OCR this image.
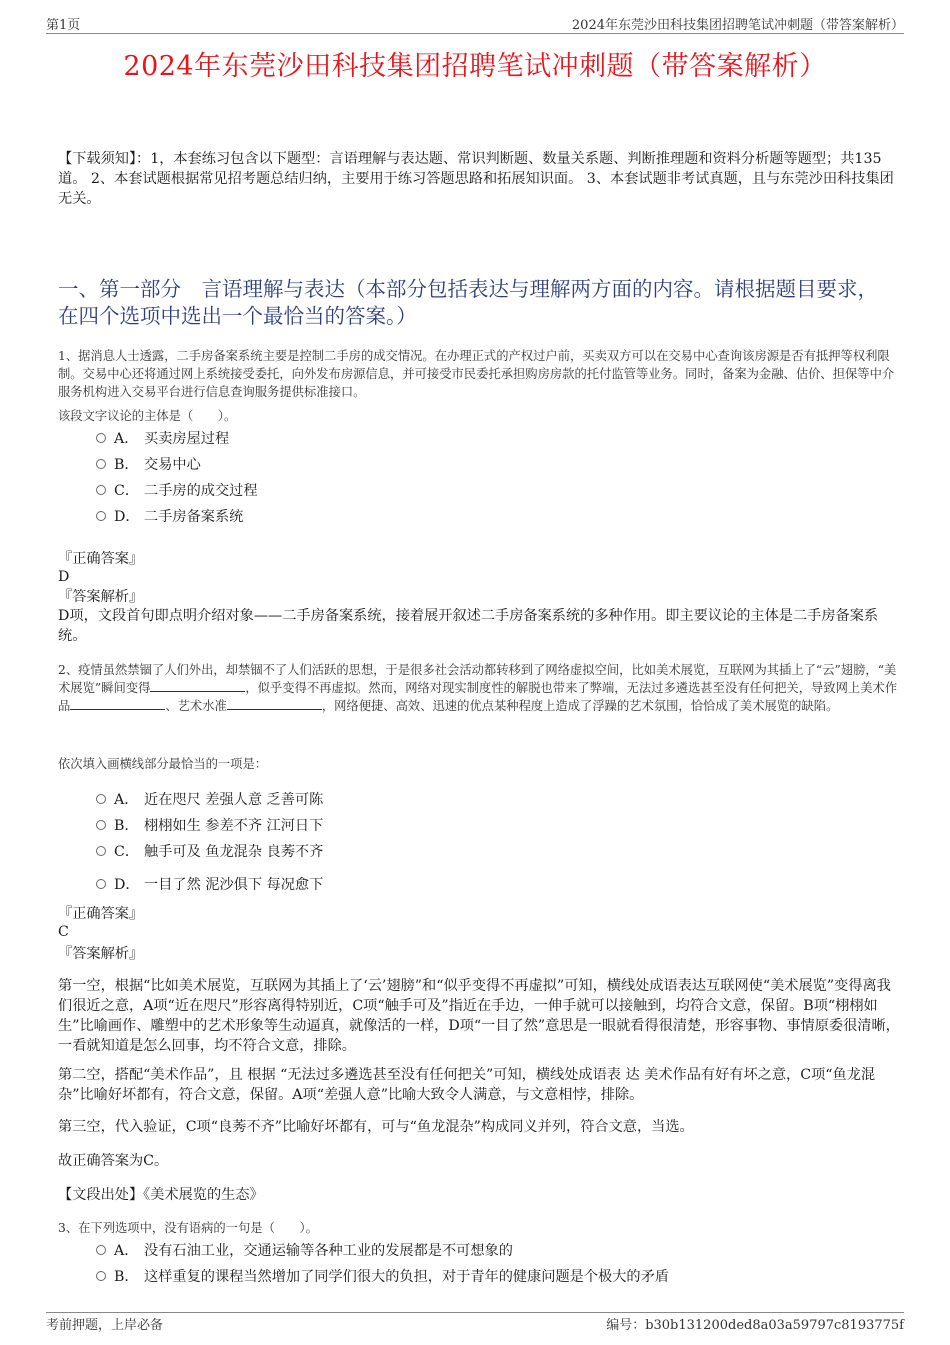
第1页	2024年东莞沙田科技集团招聘笔试冲刺题（带答案解析）
2024年东莞沙田科技集团招聘笔试冲刺题（带答案解析）
【下载须知】：1，本套练习包含以下题型：言语理解与表达题、常识判断题、数量关系题、判断推理题和资料分析题等题型；共135道。 2、本套试题根据常见招考题总结归纳，主要用于练习答题思路和拓展知识面。 3、本套试题非考试真题，且与东莞沙田科技集团无关。
一、第一部分　言语理解与表达（本部分包括表达与理解两方面的内容。请根据题目要求，在四个选项中选出一个最恰当的答案。）
1、据消息人士透露，二手房备案系统主要是控制二手房的成交情况。在办理正式的产权过户前，买卖双方可以在交易中心查询该房源是否有抵押等权利限制。交易中心还将通过网上系统接受委托，向外发布房源信息，并可接受市民委托承担购房房款的托付监管等业务。同时，备案为金融、估价、担保等中介服务机构进入交易平台进行信息查询服务提供标准接口。
该段文字议论的主体是（　　）。
A． 买卖房屋过程
B． 交易中心
C． 二手房的成交过程
D． 二手房备案系统
『正确答案』
D
『答案解析』
D项，文段首句即点明介绍对象——二手房备案系统，接着展开叙述二手房备案系统的多种作用。即主要议论的主体是二手房备案系统。
2、疫情虽然禁锢了人们外出，却禁锢不了人们活跃的思想，于是很多社会活动都转移到了网络虚拟空间，比如美术展览，互联网为其插上了“云”翅膀，“美术展览”瞬间变得	，似乎变得不再虚拟。然而，网络对现实制度性的解脱也带来了弊端，无法过多遴选甚至没有任何把关，导致网上美术作品	、艺术水准	，网络便捷、高效、迅速的优点某种程度上造成了浮躁的艺术氛围，恰恰成了美术展览的缺陷。
依次填入画横线部分最恰当的一项是：
A． 近在咫尺 差强人意 乏善可陈
B． 栩栩如生 参差不齐 江河日下
C． 触手可及 鱼龙混杂 良莠不齐
D． 一目了然 泥沙俱下 每况愈下
『正确答案』
C
『答案解析』
第一空，根据“比如美术展览，互联网为其插上了‘云’翅膀”和“似乎变得不再虚拟”可知，横线处成语表达互联网使“美术展览”变得离我们很近之意，A项“近在咫尺”形容离得特别近，C项“触手可及”指近在手边，一伸手就可以接触到，均符合文意，保留。B项“栩栩如生”比喻画作、雕塑中的艺术形象等生动逼真，就像活的一样，D项“一目了然”意思是一眼就看得很清楚，形容事物、事情原委很清晰，一看就知道是怎么回事，均不符合文意，排除。
第二空，搭配“美术作品”，且 根据 “无法过多遴选甚至没有任何把关”可知，横线处成语表 达 美术作品有好有坏之意，C项“鱼龙混杂”比喻好坏都有，符合文意，保留。A项“差强人意”比喻大致令人满意，与文意相悖，排除。
第三空，代入验证，C项“良莠不齐”比喻好坏都有，可与“鱼龙混杂”构成同义并列，符合文意，当选。
故正确答案为C。
【文段出处】《美术展览的生态》
3、在下列选项中，没有语病的一句是（　　）。
A． 没有石油工业，交通运输等各种工业的发展都是不可想象的
B． 这样重复的课程当然增加了同学们很大的负担，对于青年的健康问题是个极大的矛盾
考前押题，上岸必备	编号：b30b131200ded8a03a59797c8193775f
